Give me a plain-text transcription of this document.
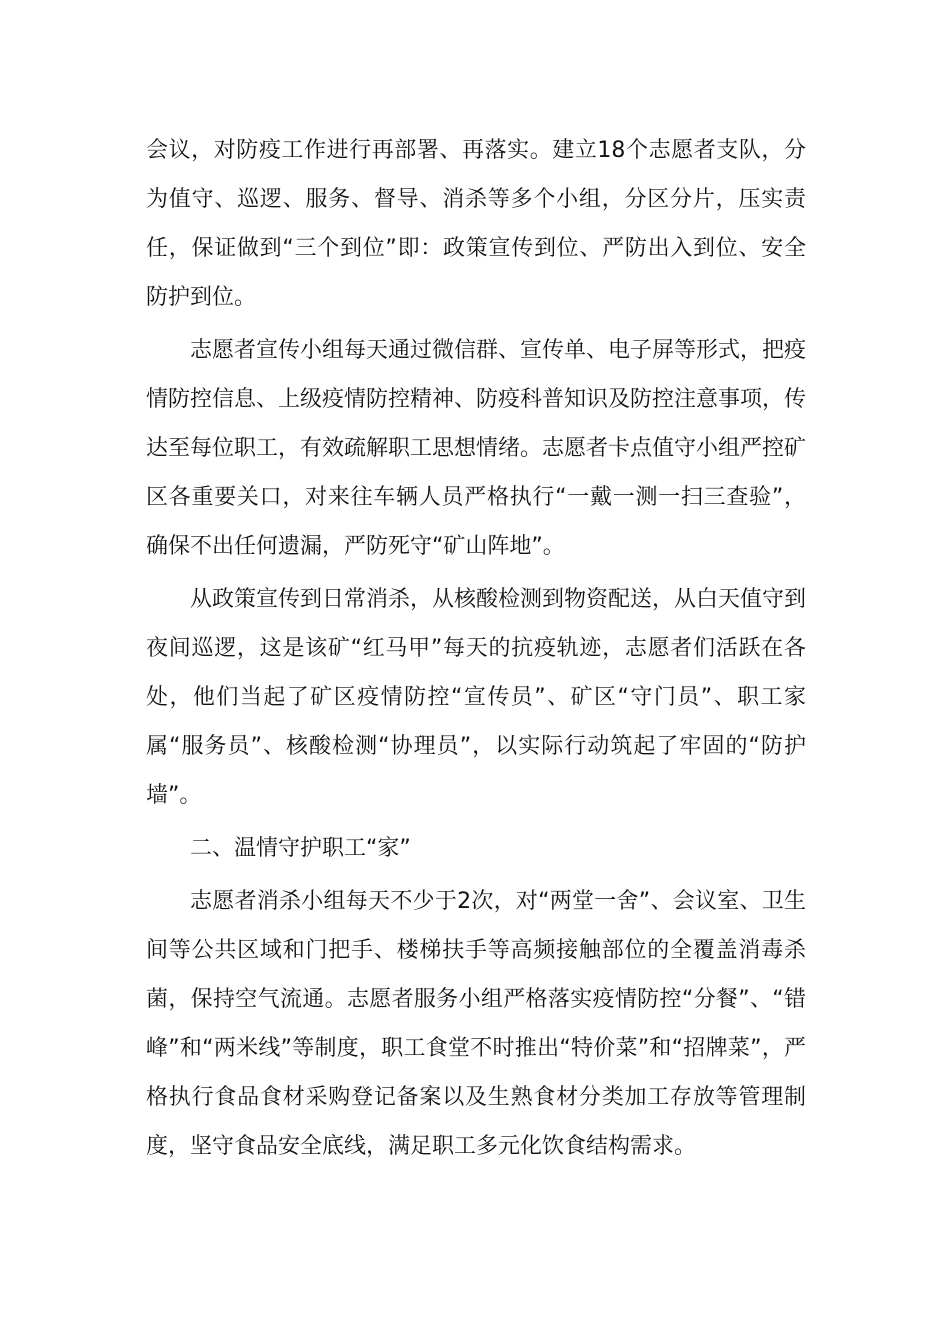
会议，对防疫工作进行再部署、再落实。建立18个志愿者支队，分为值守、巡逻、服务、督导、消杀等多个小组，分区分片，压实责任，保证做到“三个到位”即：政策宣传到位、严防出入到位、安全防护到位。

志愿者宣传小组每天通过微信群、宣传单、电子屏等形式，把疫情防控信息、上级疫情防控精神、防疫科普知识及防控注意事项，传达至每位职工，有效疏解职工思想情绪。志愿者卡点值守小组严控矿区各重要关口，对来往车辆人员严格执行“一戴一测一扫三查验”，确保不出任何遗漏，严防死守“矿山阵地”。

从政策宣传到日常消杀，从核酸检测到物资配送，从白天值守到夜间巡逻，这是该矿“红马甲”每天的抗疫轨迹，志愿者们活跃在各处，他们当起了矿区疫情防控“宣传员”、矿区“守门员”、职工家属“服务员”、核酸检测“协理员”，以实际行动筑起了牢固的“防护墙”。

二、温情守护职工“家”

志愿者消杀小组每天不少于2次，对“两堂一舍”、会议室、卫生间等公共区域和门把手、楼梯扶手等高频接触部位的全覆盖消毒杀菌，保持空气流通。志愿者服务小组严格落实疫情防控“分餐”、“错峰”和“两米线”等制度，职工食堂不时推出“特价菜”和“招牌菜”，严格执行食品食材采购登记备案以及生熟食材分类加工存放等管理制度，坚守食品安全底线，满足职工多元化饮食结构需求。
